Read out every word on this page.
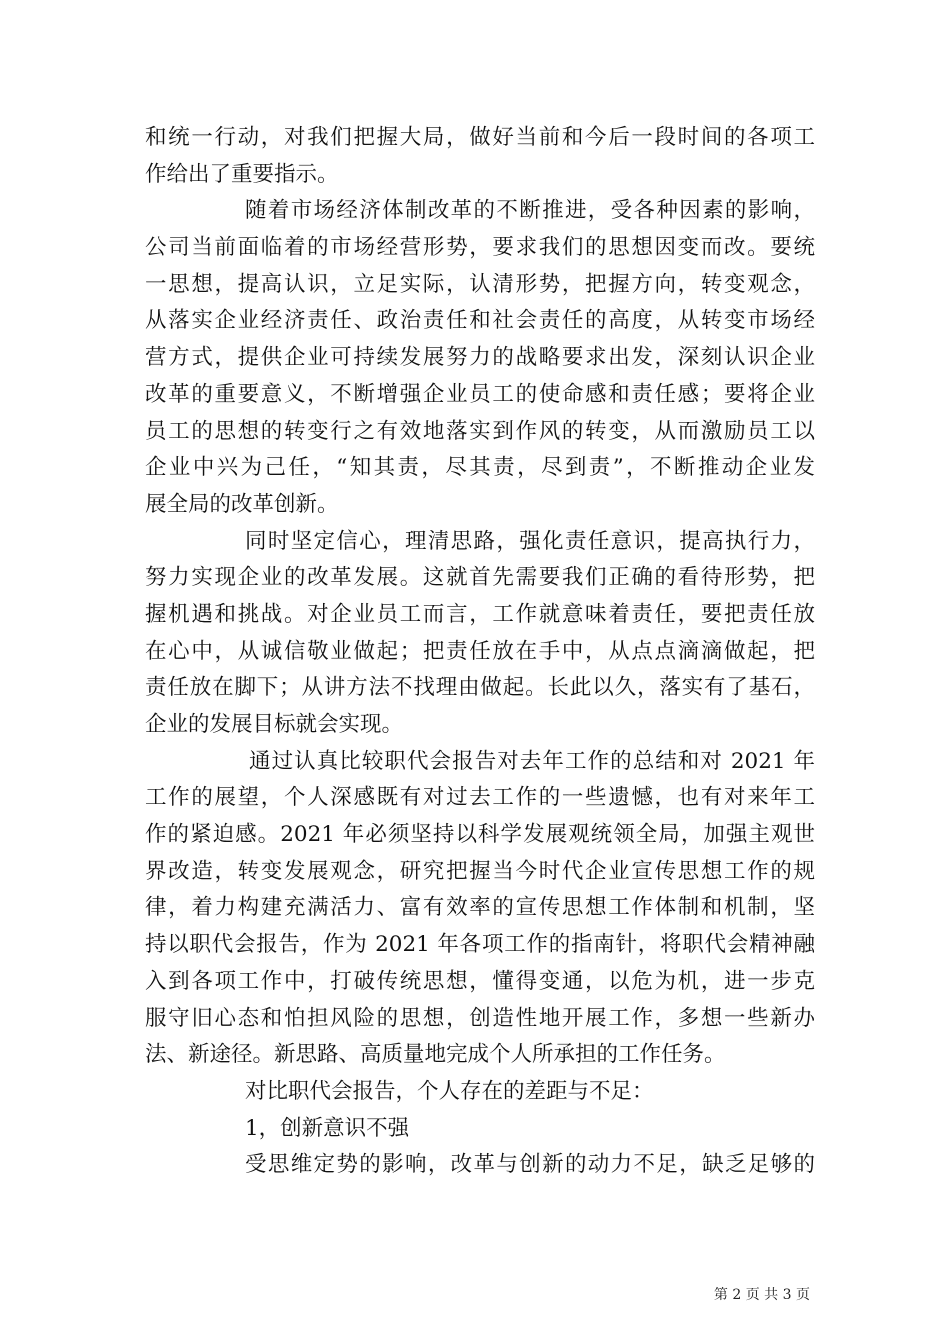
和统一行动，对我们把握大局，做好当前和今后一段时间的各项工
作给出了重要指示。
随着市场经济体制改革的不断推进，受各种因素的影响，
公司当前面临着的市场经营形势，要求我们的思想因变而改。要统
一思想，提高认识，立足实际，认清形势，把握方向，转变观念，
从落实企业经济责任、政治责任和社会责任的高度，从转变市场经
营方式，提供企业可持续发展努力的战略要求出发，深刻认识企业
改革的重要意义，不断增强企业员工的使命感和责任感；要将企业
员工的思想的转变行之有效地落实到作风的转变，从而激励员工以
企业中兴为己任，“知其责，尽其责，尽到责”，不断推动企业发
展全局的改革创新。
同时坚定信心，理清思路，强化责任意识，提高执行力，
努力实现企业的改革发展。这就首先需要我们正确的看待形势，把
握机遇和挑战。对企业员工而言，工作就意味着责任，要把责任放
在心中，从诚信敬业做起；把责任放在手中，从点点滴滴做起，把
责任放在脚下；从讲方法不找理由做起。长此以久，落实有了基石，
企业的发展目标就会实现。
通过认真比较职代会报告对去年工作的总结和对 2021 年
工作的展望，个人深感既有对过去工作的一些遗憾，也有对来年工
作的紧迫感。2021 年必须坚持以科学发展观统领全局，加强主观世
界改造，转变发展观念，研究把握当今时代企业宣传思想工作的规
律，着力构建充满活力、富有效率的宣传思想工作体制和机制，坚
持以职代会报告，作为 2021 年各项工作的指南针，将职代会精神融
入到各项工作中，打破传统思想，懂得变通，以危为机，进一步克
服守旧心态和怕担风险的思想，创造性地开展工作，多想一些新办
法、新途径。新思路、高质量地完成个人所承担的工作任务。
对比职代会报告，个人存在的差距与不足：
1，创新意识不强
受思维定势的影响，改革与创新的动力不足，缺乏足够的
第 2 页 共 3 页
